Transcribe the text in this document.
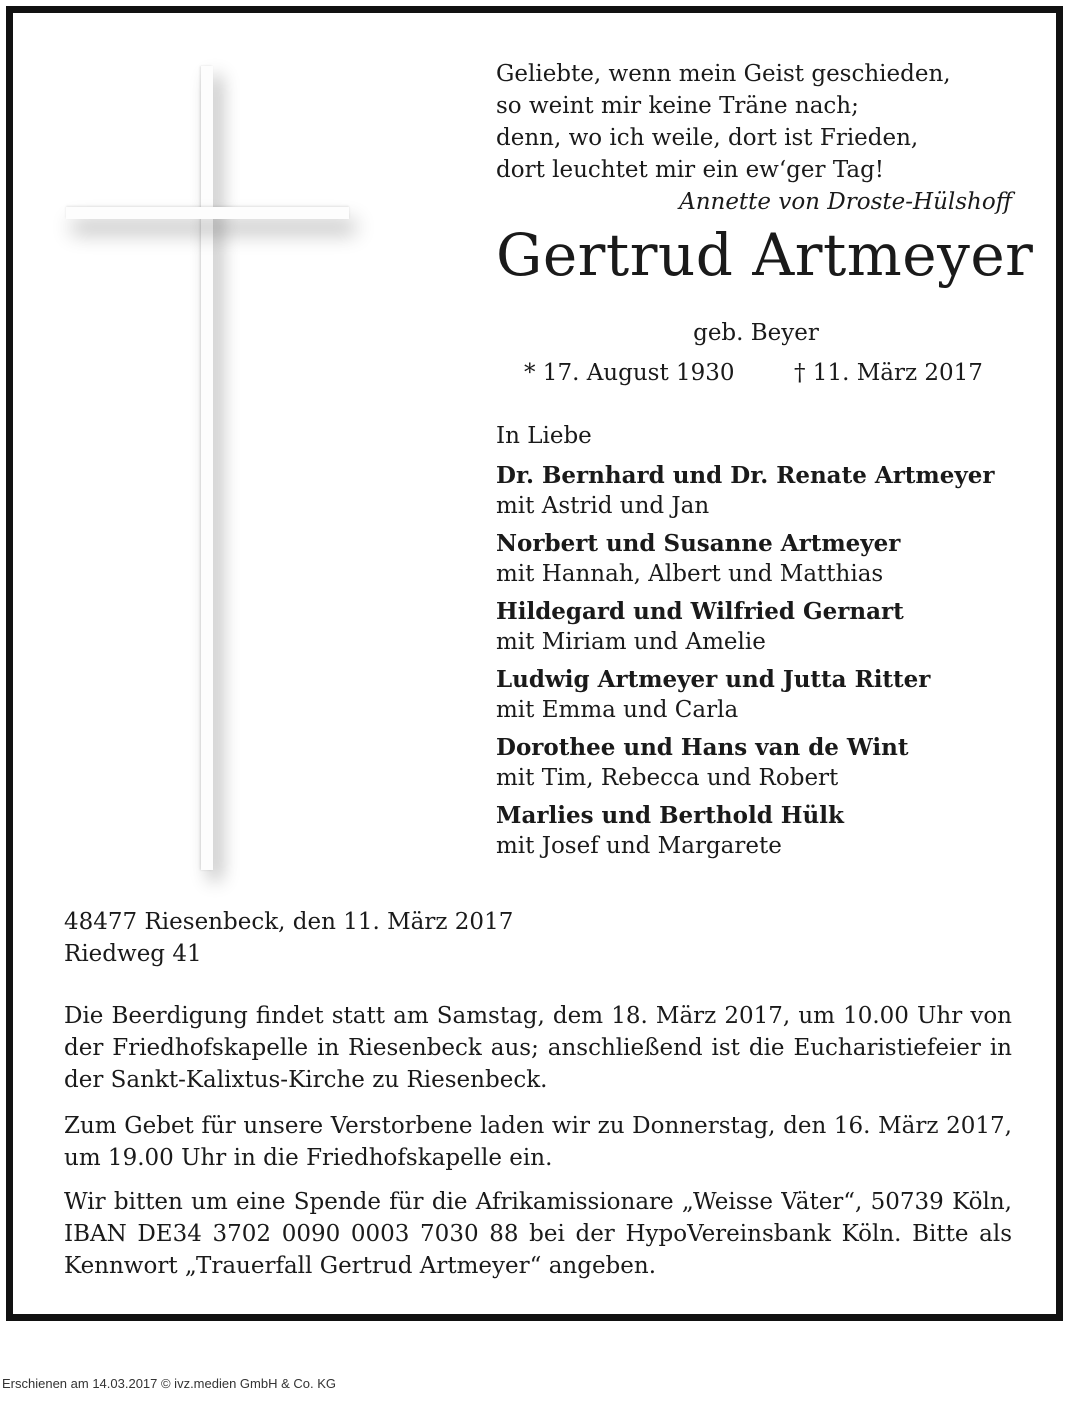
Geliebte, wenn mein Geist geschieden,
so weint mir keine Träne nach;
denn, wo ich weile, dort ist Frieden,
dort leuchtet mir ein ew‘ger Tag!
Annette von Droste-Hülshoff
Gertrud Artmeyer
geb. Beyer
* 17. August 1930	† 11. März 2017
In Liebe
Dr. Bernhard und Dr. Renate Artmeyer
mit Astrid und Jan
Norbert und Susanne Artmeyer
mit Hannah, Albert und Matthias
Hildegard und Wilfried Gernart
mit Miriam und Amelie
Ludwig Artmeyer und Jutta Ritter
mit Emma und Carla
Dorothee und Hans van de Wint
mit Tim, Rebecca und Robert
Marlies und Berthold Hülk
mit Josef und Margarete
48477 Riesenbeck, den 11. März 2017
Riedweg 41
Die Beerdigung findet statt am Samstag, dem 18. März 2017, um 10.00 Uhr von der Friedhofskapelle in Riesenbeck aus; anschließend ist die Eucharistiefeier in der Sankt-Kalixtus-Kirche zu Riesenbeck.
Zum Gebet für unsere Verstorbene laden wir zu Donnerstag, den 16. März 2017, um 19.00 Uhr in die Friedhofskapelle ein.
Wir bitten um eine Spende für die Afrikamissionare „Weisse Väter“, 50739 Köln, IBAN DE34 3702 0090 0003 7030 88 bei der HypoVereinsbank Köln. Bitte als Kennwort „Trauerfall Gertrud Artmeyer“ angeben.
Erschienen am 14.03.2017 © ivz.medien GmbH & Co. KG
